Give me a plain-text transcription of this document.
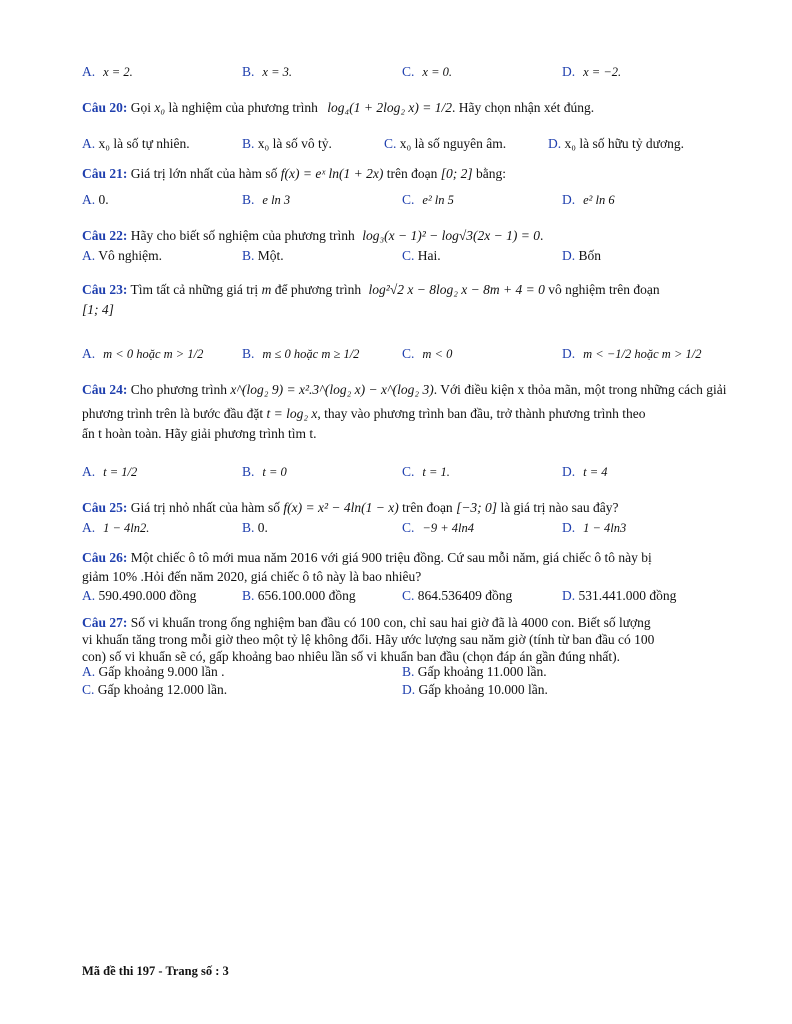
A. x = 2.	B. x = 3.	C. x = 0.	D. x = −2.
Câu 20: Gọi x₀ là nghiệm của phương trình log₄(1 + 2log₂ x) = 1/2. Hãy chọn nhận xét đúng.
A. x₀ là số tự nhiên.	B. x₀ là số vô tỷ.	C. x₀ là số nguyên âm.	D. x₀ là số hữu tỷ dương.
Câu 21: Giá trị lớn nhất của hàm số f(x) = eˣ ln(1 + 2x) trên đoạn [0; 2] bằng:
A. 0.	B. e ln 3	C. e² ln 5	D. e² ln 6
Câu 22: Hãy cho biết số nghiệm của phương trình log₃(x − 1)² − log√3(2x − 1) = 0.
A. Vô nghiệm.	B. Một.	C. Hai.	D. Bốn
Câu 23: Tìm tất cả những giá trị m để phương trình log²√2 x − 8log₂ x − 8m + 4 = 0 vô nghiệm trên đoạn
[1; 4]
A. m < 0 hoặc m > 1/2	B. m ≤ 0 hoặc m ≥ 1/2	C. m < 0	D. m < −1/2 hoặc m > 1/2
Câu 24: Cho phương trình x^(log₂ 9) = x².3^(log₂ x) − x^(log₂ 3). Với điều kiện x thỏa mãn, một trong những cách giải
phương trình trên là bước đầu đặt t = log₂ x, thay vào phương trình ban đầu, trở thành phương trình theo
ẩn t hoàn toàn. Hãy giải phương trình tìm t.
A. t = 1/2	B. t = 0	C. t = 1.	D. t = 4
Câu 25: Giá trị nhỏ nhất của hàm số f(x) = x² − 4ln(1 − x) trên đoạn [−3; 0] là giá trị nào sau đây?
A. 1 − 4ln2.	B. 0.	C. −9 + 4ln4	D. 1 − 4ln3
Câu 26: Một chiếc ô tô mới mua năm 2016 với giá 900 triệu đồng. Cứ sau mỗi năm, giá chiếc ô tô này bị
giảm 10% .Hỏi đến năm 2020, giá chiếc ô tô này là bao nhiêu?
A. 590.490.000 đồng	B. 656.100.000 đồng	C. 864.536409 đồng	D. 531.441.000 đồng
Câu 27: Số vi khuẩn trong ống nghiệm ban đầu có 100 con, chỉ sau hai giờ đã là 4000 con. Biết số lượng
vi khuẩn tăng trong mỗi giờ theo một tỷ lệ không đổi. Hãy ước lượng sau năm giờ (tính từ ban đầu có 100
con) số vi khuẩn sẽ có, gấp khoảng bao nhiêu lần số vi khuẩn ban đầu (chọn đáp án gần đúng nhất).
A. Gấp khoảng 9.000 lần .	B. Gấp khoảng 11.000 lần.
C. Gấp khoảng 12.000 lần.	D. Gấp khoảng 10.000 lần.
Mã đề thi 197 - Trang số : 3
